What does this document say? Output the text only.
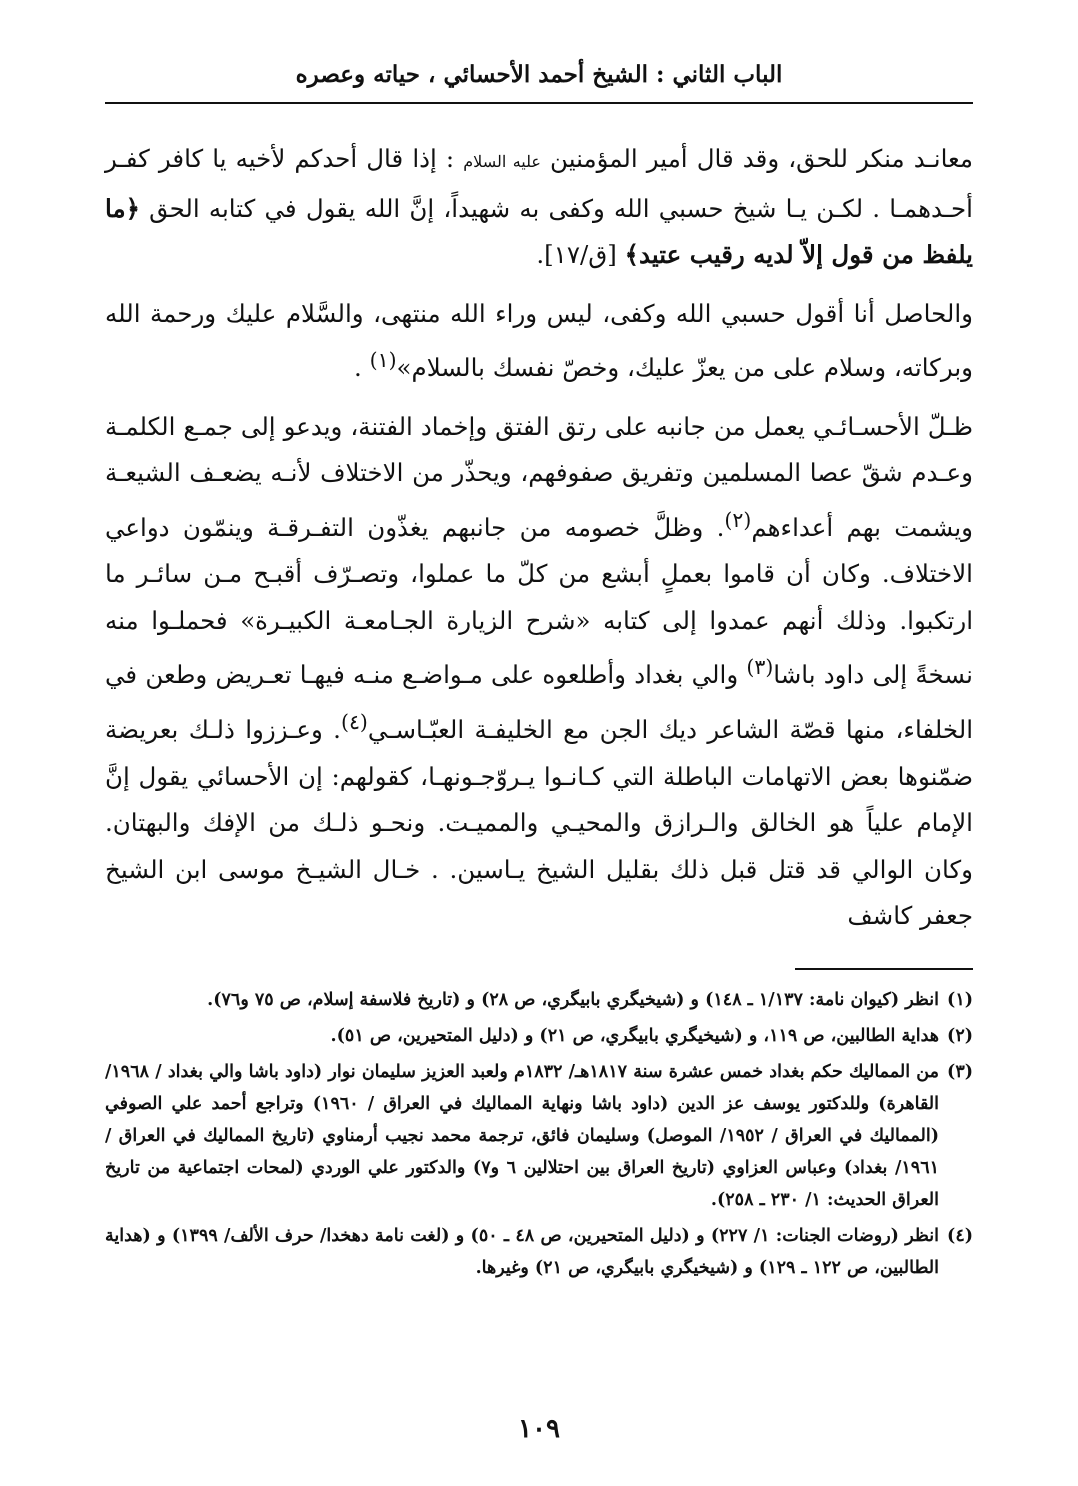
الباب الثاني : الشيخ أحمد الأحسائي ، حياته وعصره

معانـد منكر للحق، وقد قال أمير المؤمنين عليه السلام : إذا قال أحدكم لأخيه يا كافر كفـر أحـدهمـا . لكـن يـا شيخ حسبي الله وكفى به شهيداً، إنَّ الله يقول في كتابه الحق ﴿ما يلفظ من قول إلاّ لديه رقيب عتيد﴾ [ق/١٧].

والحاصل أنا أقول حسبي الله وكفى، ليس وراء الله منتهى، والسَّلام عليك ورحمة الله وبركاته، وسلام على من يعزّ عليك، وخصّ نفسك بالسلام»$^{(١)}$ .

ظـلّ الأحسـائـي يعمل من جانبه على رتق الفتق وإخماد الفتنة، ويدعو إلى جمـع الكلمـة وعـدم شقّ عصا المسلمين وتفريق صفوفهم، ويحذّر من الاختلاف لأنـه يضعـف الشيعـة ويشمت بهم أعداءهم$^{(٢)}$. وظلَّ خصومه من جانبهم يغذّون التفـرقـة وينمّون دواعي الاختلاف. وكان أن قاموا بعملٍ أبشع من كلّ ما عملوا، وتصـرّف أقبـح مـن سائـر ما ارتكبوا. وذلك أنهم عمدوا إلى كتابه «شرح الزيارة الجـامعـة الكبيـرة» فحملـوا منه نسخةً إلى داود باشا$^{(٣)}$ والي بغداد وأطلعوه على مـواضـع منـه فيهـا تعـريض وطعن في الخلفاء، منها قصّة الشاعر ديك الجن مع الخليفـة العبّـاسـي$^{(٤)}$. وعـززوا ذلـك بعريضة ضمّنوها بعض الاتهامات الباطلة التي كـانـوا يـروّجـونهـا، كقولهم: إن الأحسائي يقول إنَّ الإمام علياً هو الخالق والـرازق والمحيـي والمميـت. ونحـو ذلـك من الإفك والبهتان. وكان الوالي قد قتل قبل ذلك بقليل الشيخ يـاسين. . خـال الشيـخ موسى ابن الشيخ جعفر كاشف

(١)
انظر (كيوان نامة: ١/١٣٧ ـ ١٤٨) و (شيخيگري بابيگري، ص ٢٨) و (تاريخ فلاسفة إسلام، ص ٧٥ و٧٦).
(٢)
هداية الطالبين، ص ١١٩، و (شيخيگري بابيگري، ص ٢١) و (دليل المتحيرين، ص ٥١).
(٣)
من المماليك حكم بغداد خمس عشرة سنة ١٨١٧هـ/ ١٨٣٢م ولعبد العزيز سليمان نوار (داود باشا والي بغداد / ١٩٦٨/ القاهرة) وللدكتور يوسف عز الدين (داود باشا ونهاية المماليك في العراق / ١٩٦٠) وتراجع أحمد علي الصوفي (المماليك في العراق / ١٩٥٢/ الموصل) وسليمان فائق، ترجمة محمد نجيب أرمناوي (تاريخ المماليك في العراق / ١٩٦١/ بغداد) وعباس العزاوي (تاريخ العراق بين احتلالين ٦ و٧) والدكتور علي الوردي (لمحات اجتماعية من تاريخ العراق الحديث: ١/ ٢٣٠ ـ ٢٥٨).
(٤)
انظر (روضات الجنات: ١/ ٢٢٧) و (دليل المتحيرين، ص ٤٨ ـ ٥٠) و (لغت نامة دهخدا/ حرف الألف/ ١٣٩٩) و (هداية الطالبين، ص ١٢٢ ـ ١٢٩) و (شيخيگري بابيگري، ص ٢١) وغيرها.
١٠٩
